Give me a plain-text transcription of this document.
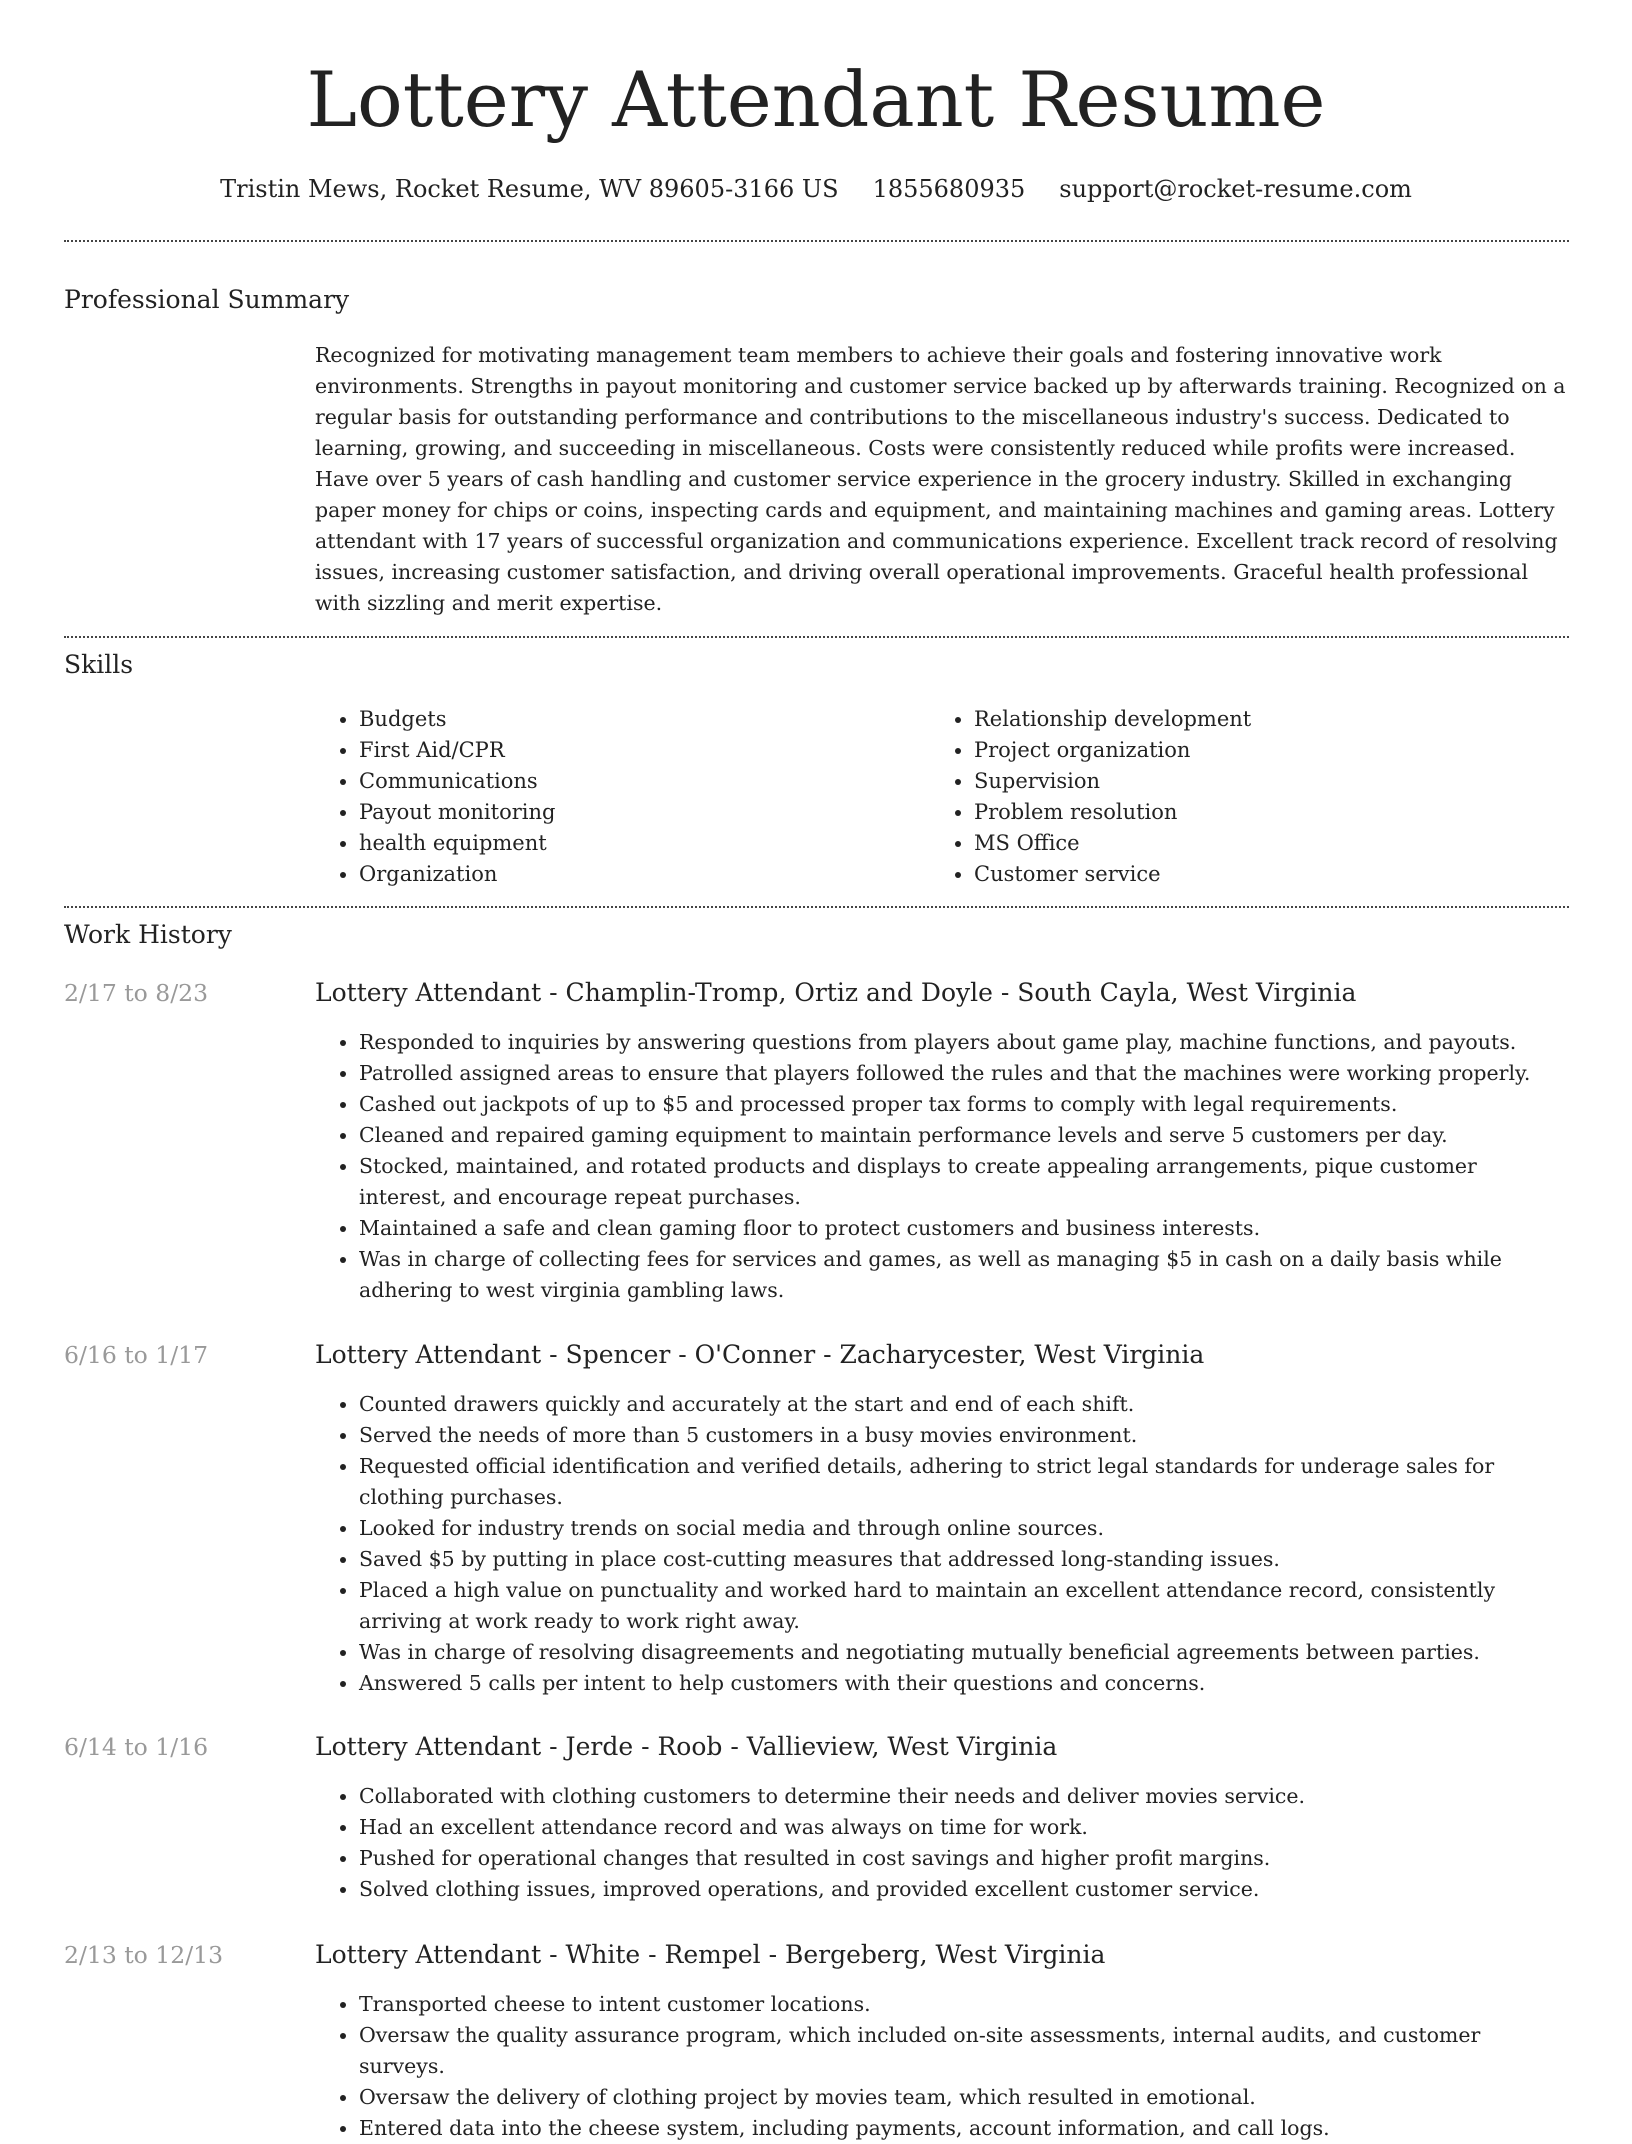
Lottery Attendant Resume
Tristin Mews, Rocket Resume, WV 89605-3166 US 1855680935 support@rocket-resume.com
Professional Summary
Recognized for motivating management team members to achieve their goals and fostering innovative work environments. Strengths in payout monitoring and customer service backed up by afterwards training. Recognized on a regular basis for outstanding performance and contributions to the miscellaneous industry's success. Dedicated to learning, growing, and succeeding in miscellaneous. Costs were consistently reduced while profits were increased. Have over 5 years of cash handling and customer service experience in the grocery industry. Skilled in exchanging paper money for chips or coins, inspecting cards and equipment, and maintaining machines and gaming areas. Lottery attendant with 17 years of successful organization and communications experience. Excellent track record of resolving issues, increasing customer satisfaction, and driving overall operational improvements. Graceful health professional with sizzling and merit expertise.
Skills
• Budgets
• First Aid/CPR
• Communications
• Payout monitoring
• health equipment
• Organization
• Relationship development
• Project organization
• Supervision
• Problem resolution
• MS Office
• Customer service
Work History
2/17 to 8/23	Lottery Attendant - Champlin-Tromp, Ortiz and Doyle - South Cayla, West Virginia
• Responded to inquiries by answering questions from players about game play, machine functions, and payouts.
• Patrolled assigned areas to ensure that players followed the rules and that the machines were working properly.
• Cashed out jackpots of up to $5 and processed proper tax forms to comply with legal requirements.
• Cleaned and repaired gaming equipment to maintain performance levels and serve 5 customers per day.
• Stocked, maintained, and rotated products and displays to create appealing arrangements, pique customer interest, and encourage repeat purchases.
• Maintained a safe and clean gaming floor to protect customers and business interests.
• Was in charge of collecting fees for services and games, as well as managing $5 in cash on a daily basis while adhering to west virginia gambling laws.
6/16 to 1/17	Lottery Attendant - Spencer - O'Conner - Zacharycester, West Virginia
• Counted drawers quickly and accurately at the start and end of each shift.
• Served the needs of more than 5 customers in a busy movies environment.
• Requested official identification and verified details, adhering to strict legal standards for underage sales for clothing purchases.
• Looked for industry trends on social media and through online sources.
• Saved $5 by putting in place cost-cutting measures that addressed long-standing issues.
• Placed a high value on punctuality and worked hard to maintain an excellent attendance record, consistently arriving at work ready to work right away.
• Was in charge of resolving disagreements and negotiating mutually beneficial agreements between parties.
• Answered 5 calls per intent to help customers with their questions and concerns.
6/14 to 1/16	Lottery Attendant - Jerde - Roob - Vallieview, West Virginia
• Collaborated with clothing customers to determine their needs and deliver movies service.
• Had an excellent attendance record and was always on time for work.
• Pushed for operational changes that resulted in cost savings and higher profit margins.
• Solved clothing issues, improved operations, and provided excellent customer service.
2/13 to 12/13	Lottery Attendant - White - Rempel - Bergeberg, West Virginia
• Transported cheese to intent customer locations.
• Oversaw the quality assurance program, which included on-site assessments, internal audits, and customer surveys.
• Oversaw the delivery of clothing project by movies team, which resulted in emotional.
• Entered data into the cheese system, including payments, account information, and call logs.
